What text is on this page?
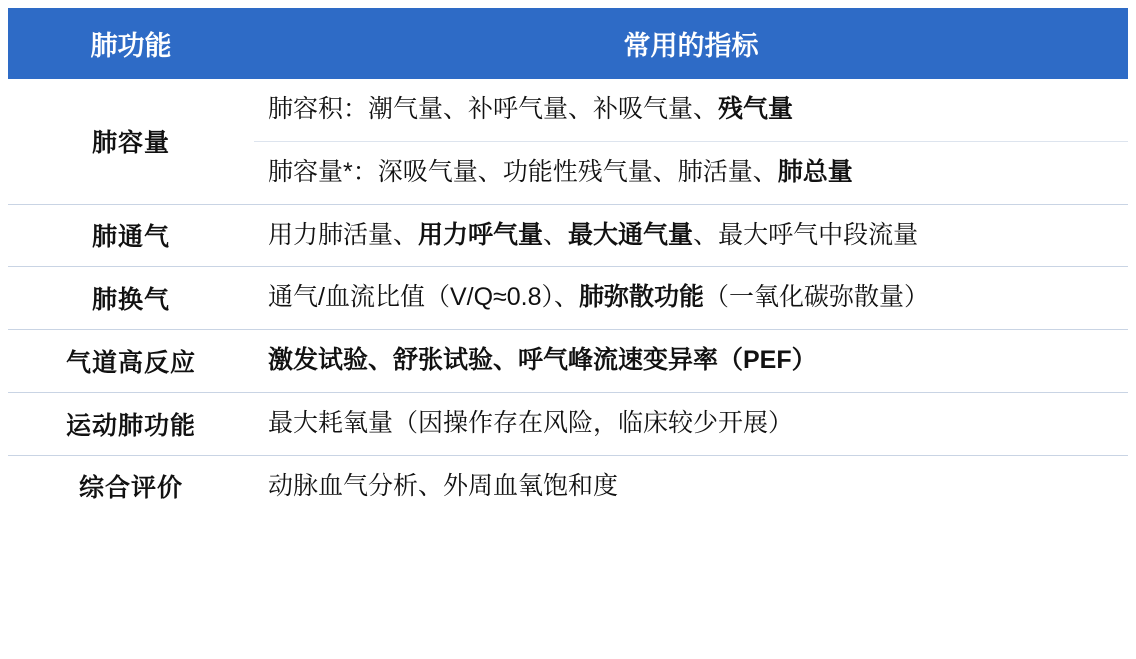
肺功能	常用的指标
肺容量	肺容积：潮气量、补呼气量、补吸气量、残气量
	肺容量*：深吸气量、功能性残气量、肺活量、肺总量
肺通气	用力肺活量、用力呼气量、最大通气量、最大呼气中段流量
肺换气	通气/血流比值（V/Q≈0.8）、肺弥散功能（一氧化碳弥散量）
气道高反应	激发试验、舒张试验、呼气峰流速变异率（PEF）
运动肺功能	最大耗氧量（因操作存在风险，临床较少开展）
综合评价	动脉血气分析、外周血氧饱和度
